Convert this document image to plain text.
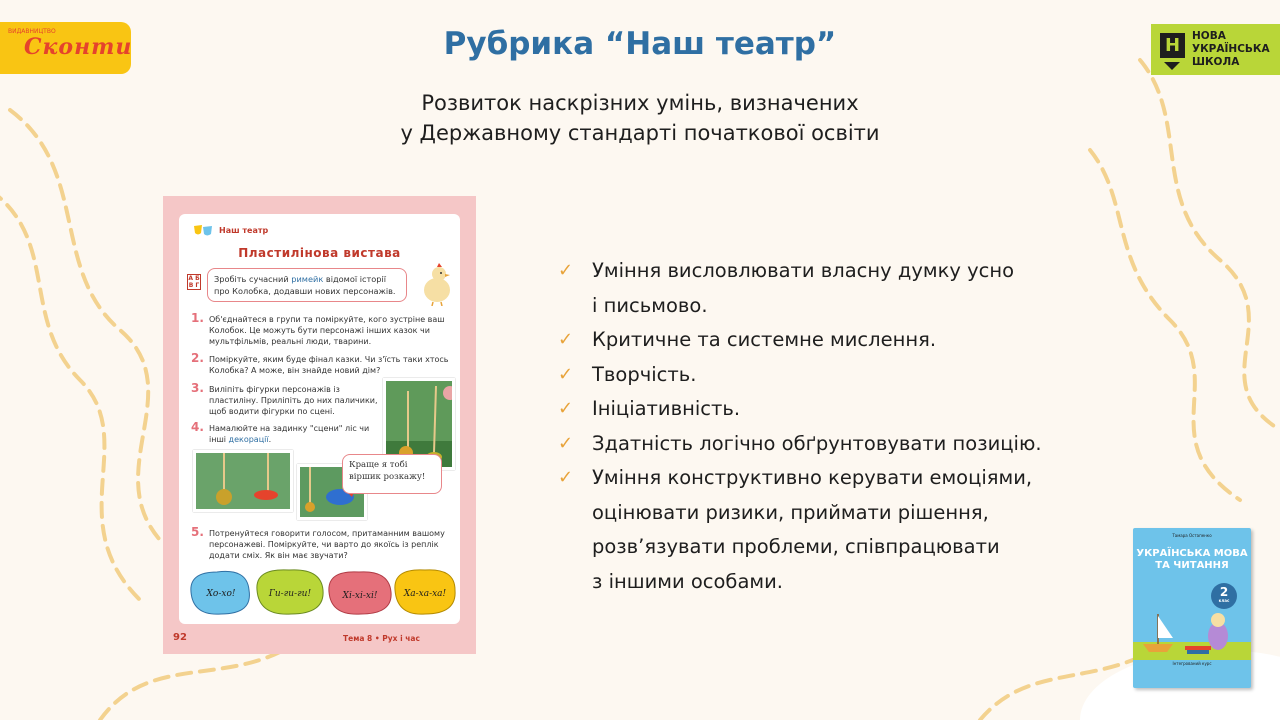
ВИДАВНИЦТВО
Сконти	Рубрика “Наш театр”
Розвиток наскрізних умінь, визначених
у Державному стандарті початкової освіти
Н	НОВА
УКРАЇНСЬКА
ШКОЛА
Наш театр
Пластилінова вистава
А Б В Г
Зробіть сучасний римейк відомої історії про Колобка, додавши нових персонажів.
1. Об'єднайтеся в групи та поміркуйте, кого зустріне ваш Колобок. Це можуть бути персонажі інших казок чи мультфільмів, реальні люди, тварини.
2. Поміркуйте, яким буде фінал казки. Чи з'їсть таки хтось Колобка? А може, він знайде новий дім?
3. Виліпіть фігурки персонажів із пластиліну. Приліпіть до них паличики, щоб водити фігурки по сцені.
4. Намалюйте на задинку "сцени" ліс чи інші декорації.
Краще я тобі віршик розкажу!
5. Потренуйтеся говорити голосом, притаманним вашому персонажеві. Поміркуйте, чи варто до якоїсь із реплік додати сміх. Як він має звучати?
Хо-хо!	Ги-ги-ги!	Хі-хі-хі!	Ха-ха-ха!
92	Тема 8 • Рух і час
✓ Уміння висловлювати власну думку усно
і письмово.
✓ Критичне та системне мислення.
✓ Творчість.
✓ Ініціативність.
✓ Здатність логічно обґрунтовувати позицію.
✓ Уміння конструктивно керувати емоціями,
оцінювати ризики, приймати рішення,
розв’язувати проблеми, співпрацювати
з іншими особами.
Тамара Остапенко
УКРАЇНСЬКА МОВА
ТА ЧИТАННЯ
2
клас
Інтегрований курс
